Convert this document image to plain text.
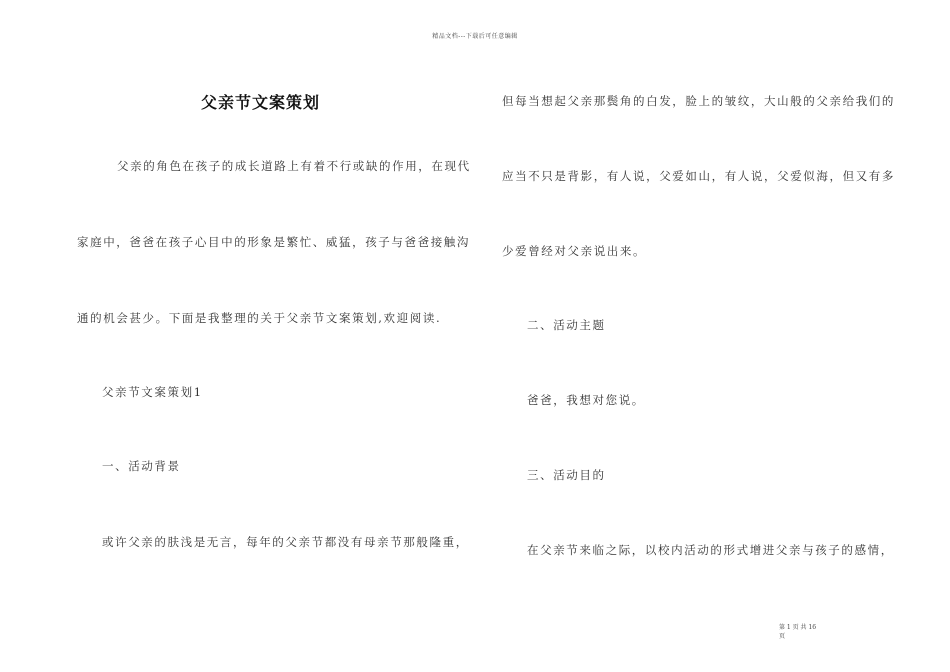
精品文档---下载后可任意编辑
父亲节文案策划
父亲的角色在孩子的成长道路上有着不行或缺的作用，在现代
家庭中，爸爸在孩子心目中的形象是繁忙、威猛，孩子与爸爸接触沟
通的机会甚少。下面是我整理的关于父亲节文案策划,欢迎阅读.
父亲节文案策划1
一、活动背景
或许父亲的肤浅是无言，每年的父亲节都没有母亲节那般隆重，
但每当想起父亲那鬓角的白发，脸上的皱纹，大山般的父亲给我们的
应当不只是背影，有人说，父爱如山，有人说，父爱似海，但又有多
少爱曾经对父亲说出来。
二、活动主题
爸爸，我想对您说。
三、活动目的
在父亲节来临之际，以校内活动的形式增进父亲与孩子的感情，
第 1 页 共 16
页
